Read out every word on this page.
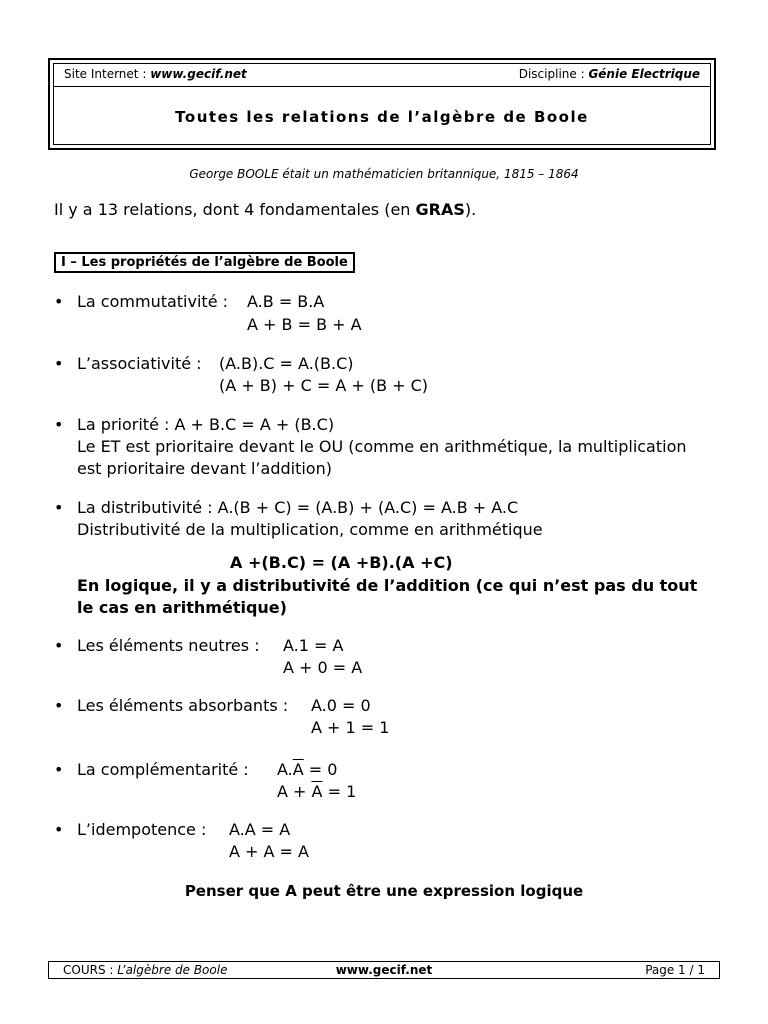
Site Internet : www.gecif.net	Discipline : Génie Electrique
Toutes les relations de l’algèbre de Boole
George BOOLE était un mathématicien britannique, 1815 – 1864
Il y a 13 relations, dont 4 fondamentales (en GRAS).
I – Les propriétés de l’algèbre de Boole
• La commutativité : A.B = B.A
A + B = B + A
• L’associativité : (A.B).C = A.(B.C)
(A + B) + C = A + (B + C)
• La priorité : A + B.C = A + (B.C)
Le ET est prioritaire devant le OU (comme en arithmétique, la multiplication
est prioritaire devant l’addition)
• La distributivité : A.(B + C) = (A.B) + (A.C) = A.B + A.C
Distributivité de la multiplication, comme en arithmétique
A +(B.C) = (A +B).(A +C)
En logique, il y a distributivité de l’addition (ce qui n’est pas du tout
le cas en arithmétique)
• Les éléments neutres : A.1 = A
A + 0 = A
• Les éléments absorbants : A.0 = 0
A + 1 = 1
• La complémentarité : $A.\overline{A} = 0$
$A + \overline{A} = 1$
• L’idempotence : A.A = A
A + A = A
Penser que A peut être une expression logique
COURS : L’algèbre de Boole	www.gecif.net	Page 1 / 1
